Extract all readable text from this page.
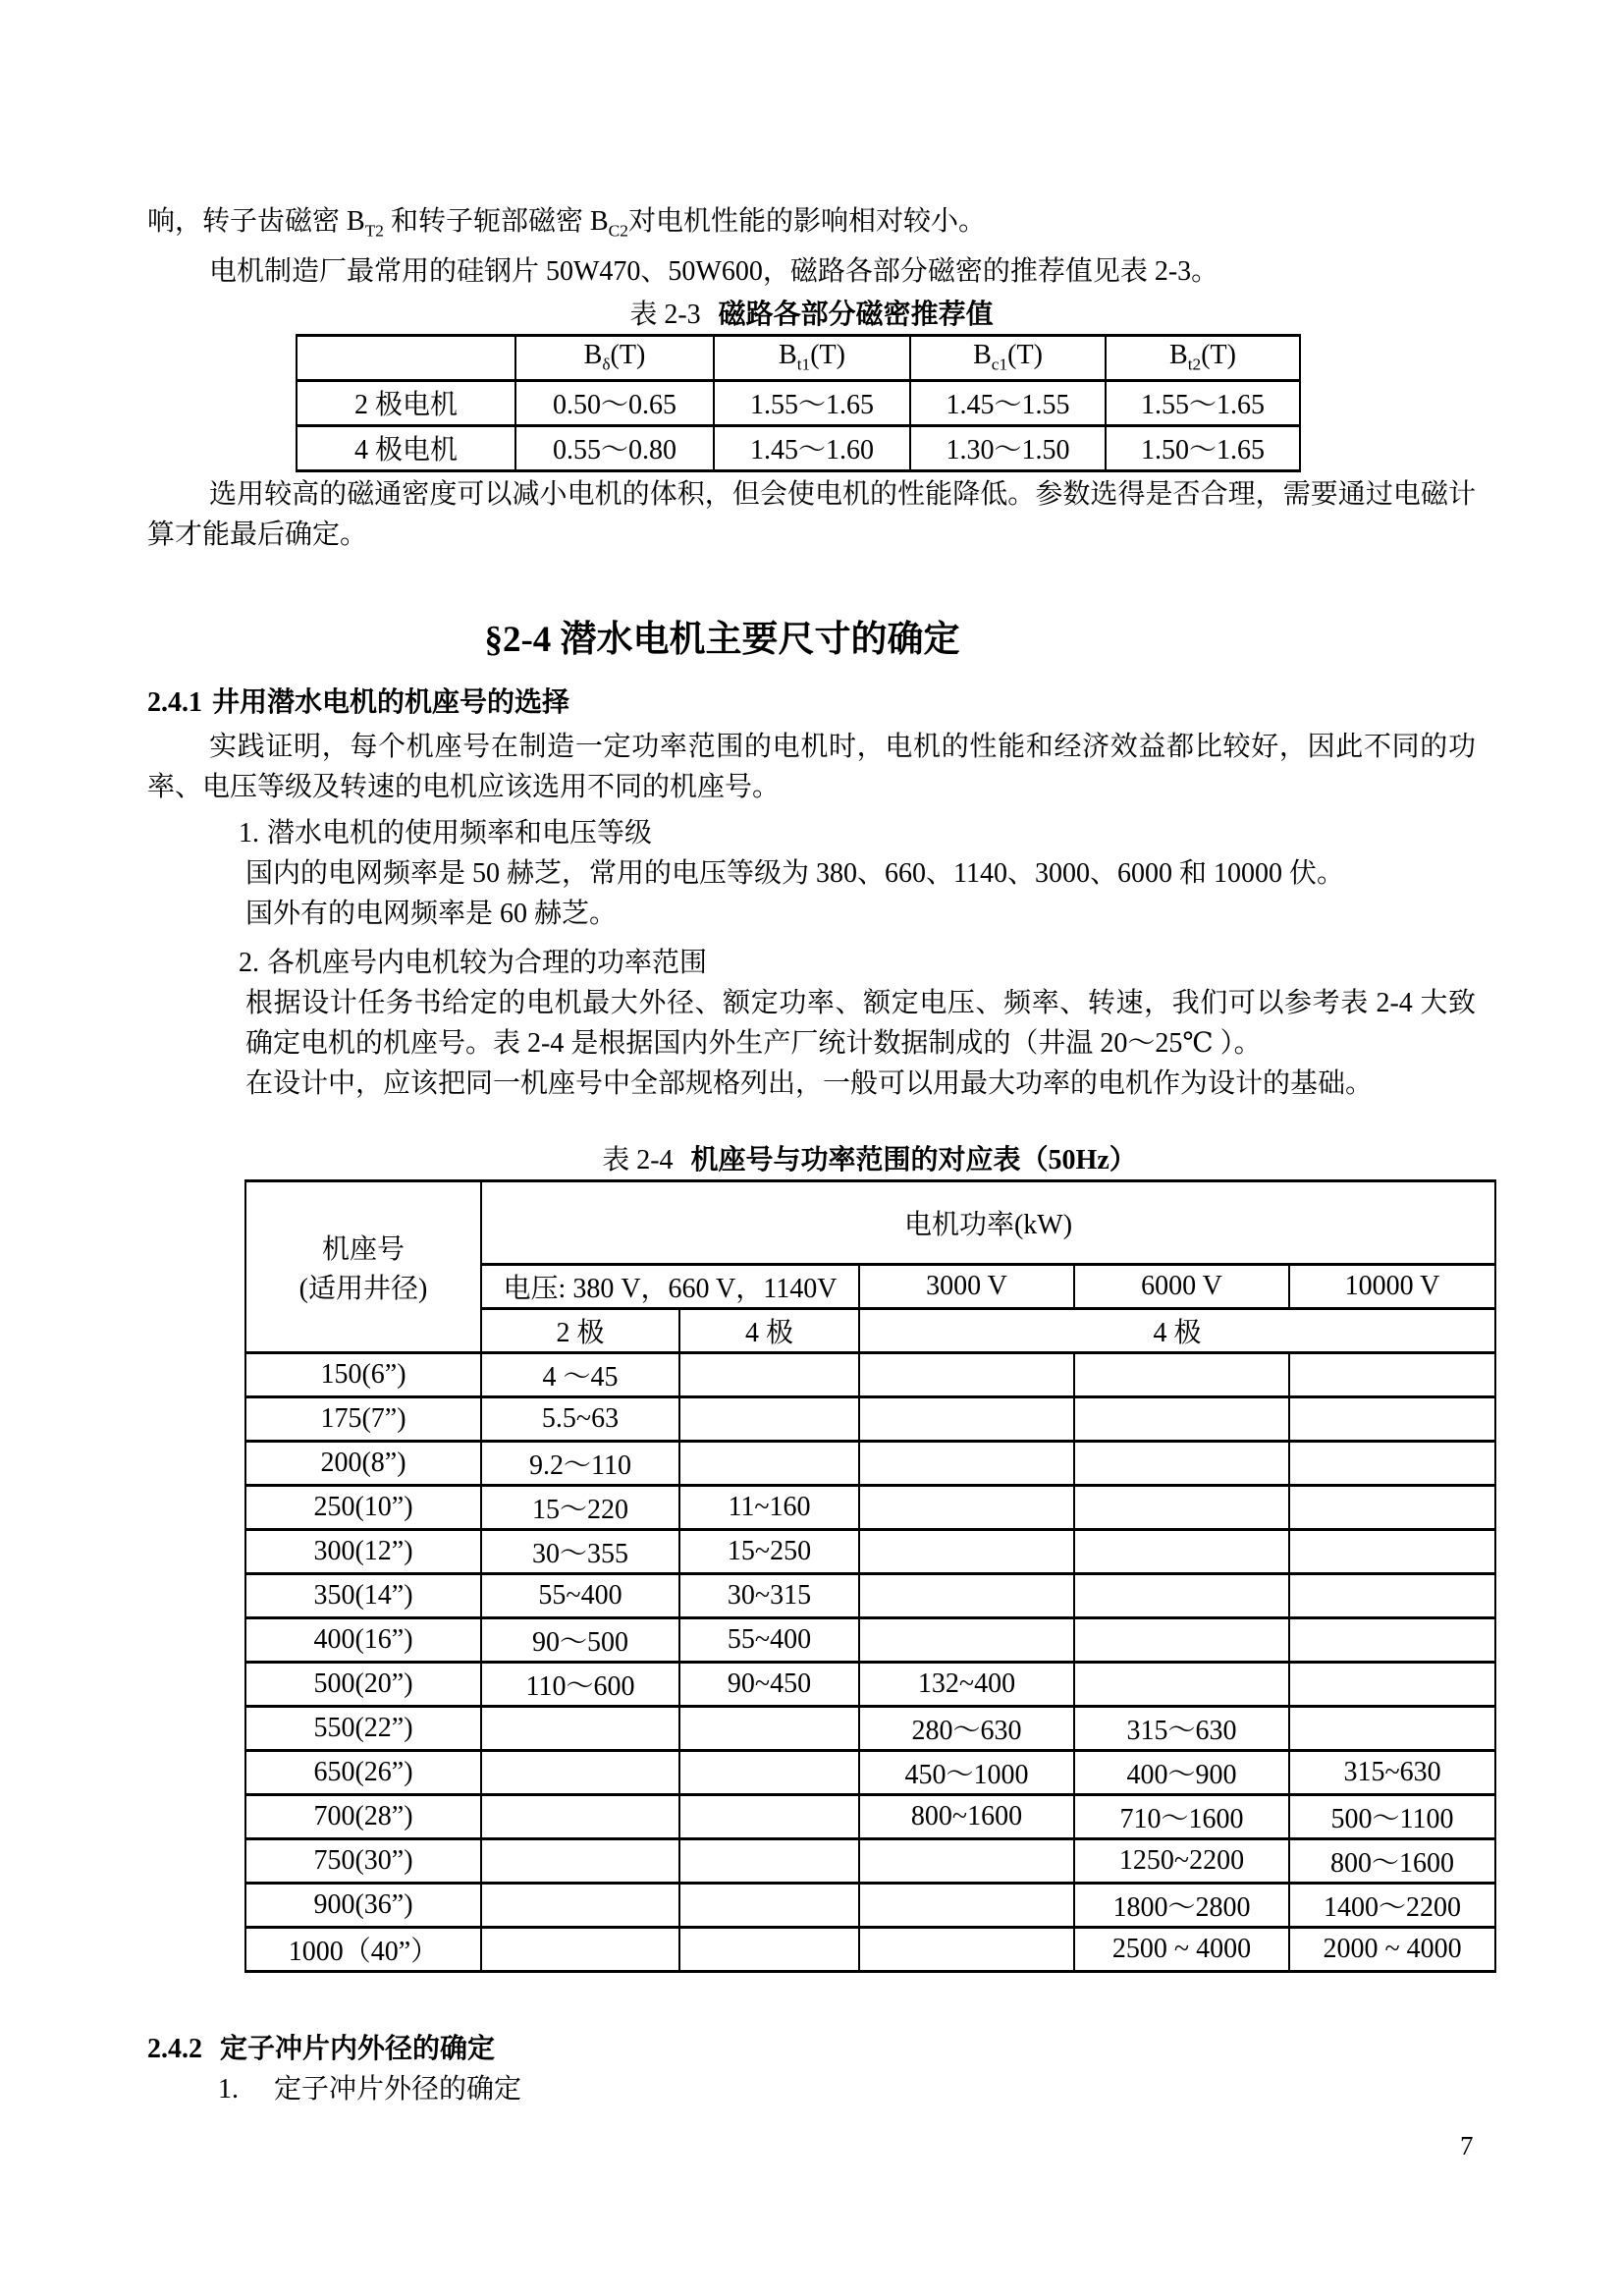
响，转子齿磁密 $B_{T2}$ 和转子轭部磁密 $B_{C2}$对电机性能的影响相对较小。

电机制造厂最常用的硅钢片 50W470、50W600，磁路各部分磁密的推荐值见表 2-3。

表 2-3 磁路各部分磁密推荐值

	$B_\delta(T)$	$B_{t1}(T)$	$B_{c1}(T)$	$B_{t2}(T)$
2 极电机	0.50～0.65	1.55～1.65	1.45～1.55	1.55～1.65
4 极电机	0.55～0.80	1.45～1.60	1.30～1.50	1.50～1.65

选用较高的磁通密度可以减小电机的体积，但会使电机的性能降低。参数选得是否合理，需要通过电磁计算才能最后确定。

§2-4 潜水电机主要尺寸的确定
2.4.1 井用潜水电机的机座号的选择

实践证明，每个机座号在制造一定功率范围的电机时，电机的性能和经济效益都比较好，因此不同的功率、电压等级及转速的电机应该选用不同的机座号。

1. 潜水电机的使用频率和电压等级

国内的电网频率是 50 赫芝，常用的电压等级为 380、660、1140、3000、6000 和 10000 伏。

国外有的电网频率是 60 赫芝。

2. 各机座号内电机较为合理的功率范围

根据设计任务书给定的电机最大外径、额定功率、额定电压、频率、转速，我们可以参考表 2-4 大致确定电机的机座号。表 2-4 是根据国内外生产厂统计数据制成的（井温 20～25℃ ）。

在设计中，应该把同一机座号中全部规格列出，一般可以用最大功率的电机作为设计的基础。

表 2-4 机座号与功率范围的对应表（50Hz）

机座号
(适用井径)	电机功率(kW)				
	电压: 380 V，660 V，1140V		3000 V	6000 V	10000 V
	2 极	4 极	4 极		
150(6”)	4 ～45				
175(7”)	5.5~63				
200(8”)	9.2～110				
250(10”)	15～220	11~160			
300(12”)	30～355	15~250			
350(14”)	55~400	30~315			
400(16”)	90～500	55~400			
500(20”)	110～600	90~450	132~400		
550(22”)			280～630	315～630	
650(26”)			450～1000	400～900	315~630
700(28”)			800~1600	710～1600	500～1100
750(30”)				1250~2200	800～1600
900(36”)				1800～2800	1400～2200
1000（40”）				2500 ~ 4000	2000 ~ 4000
2.4.2 定子冲片内外径的确定

1. 定子冲片外径的确定

7
